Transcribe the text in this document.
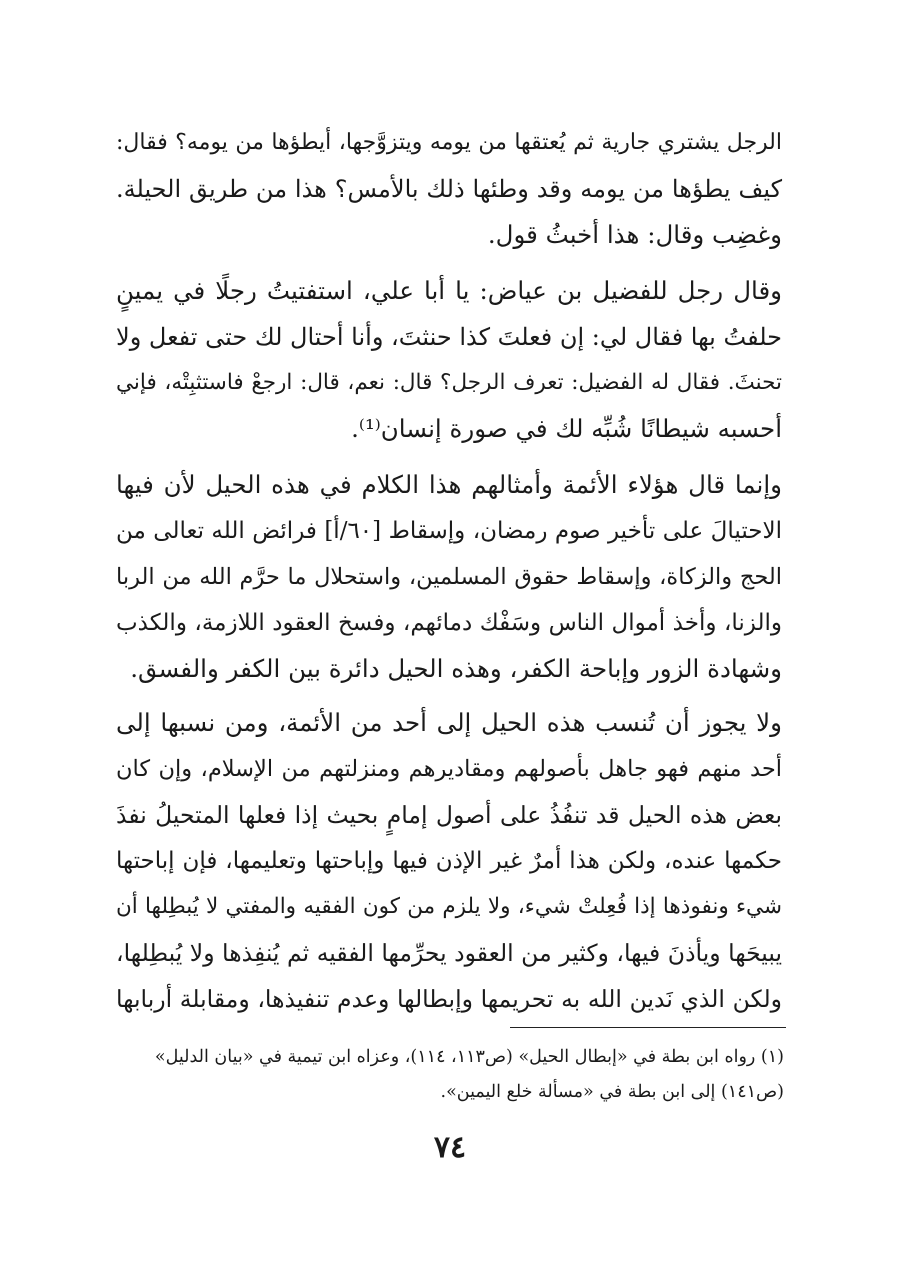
الرجل يشتري جارية ثم يُعتقها من يومه ويتزوَّجها، أيطؤها من يومه؟ فقال:
كيف يطؤها من يومه وقد وطئها ذلك بالأمس؟ هذا من طريق الحيلة.
وغضِب وقال: هذا أخبثُ قول.
وقال رجل للفضيل بن عياض: يا أبا علي، استفتيتُ رجلًا في يمينٍ
حلفتُ بها فقال لي: إن فعلتَ كذا حنثتَ، وأنا أحتال لك حتى تفعل ولا
تحنثَ. فقال له الفضيل: تعرف الرجل؟ قال: نعم، قال: ارجعْ فاستثبِتْه، فإني
أحسبه شيطانًا شُبِّه لك في صورة إنسان⁽¹⁾.
وإنما قال هؤلاء الأئمة وأمثالهم هذا الكلام في هذه الحيل لأن فيها
الاحتيالَ على تأخير صوم رمضان، وإسقاط [٦٠/أ] فرائض الله تعالى من
الحج والزكاة، وإسقاط حقوق المسلمين، واستحلال ما حرَّم الله من الربا
والزنا، وأخذ أموال الناس وسَفْك دمائهم، وفسخ العقود اللازمة، والكذب
وشهادة الزور وإباحة الكفر، وهذه الحيل دائرة بين الكفر والفسق.
ولا يجوز أن تُنسب هذه الحيل إلى أحد من الأئمة، ومن نسبها إلى
أحد منهم فهو جاهل بأصولهم ومقاديرهم ومنزلتهم من الإسلام، وإن كان
بعض هذه الحيل قد تنفُذُ على أصول إمامٍ بحيث إذا فعلها المتحيلُ نفذَ
حكمها عنده، ولكن هذا أمرٌ غير الإذن فيها وإباحتها وتعليمها، فإن إباحتها
شيء ونفوذها إذا فُعِلتْ شيء، ولا يلزم من كون الفقيه والمفتي لا يُبطِلها أن
يبيحَها ويأذنَ فيها، وكثير من العقود يحرِّمها الفقيه ثم يُنفِذها ولا يُبطِلها،
ولكن الذي نَدين الله به تحريمها وإبطالها وعدم تنفيذها، ومقابلة أربابها
(١) رواه ابن بطة في «إبطال الحيل» (ص١١٣، ١١٤)، وعزاه ابن تيمية في «بيان الدليل»
(ص١٤١) إلى ابن بطة في «مسألة خلع اليمين».
٧٤
